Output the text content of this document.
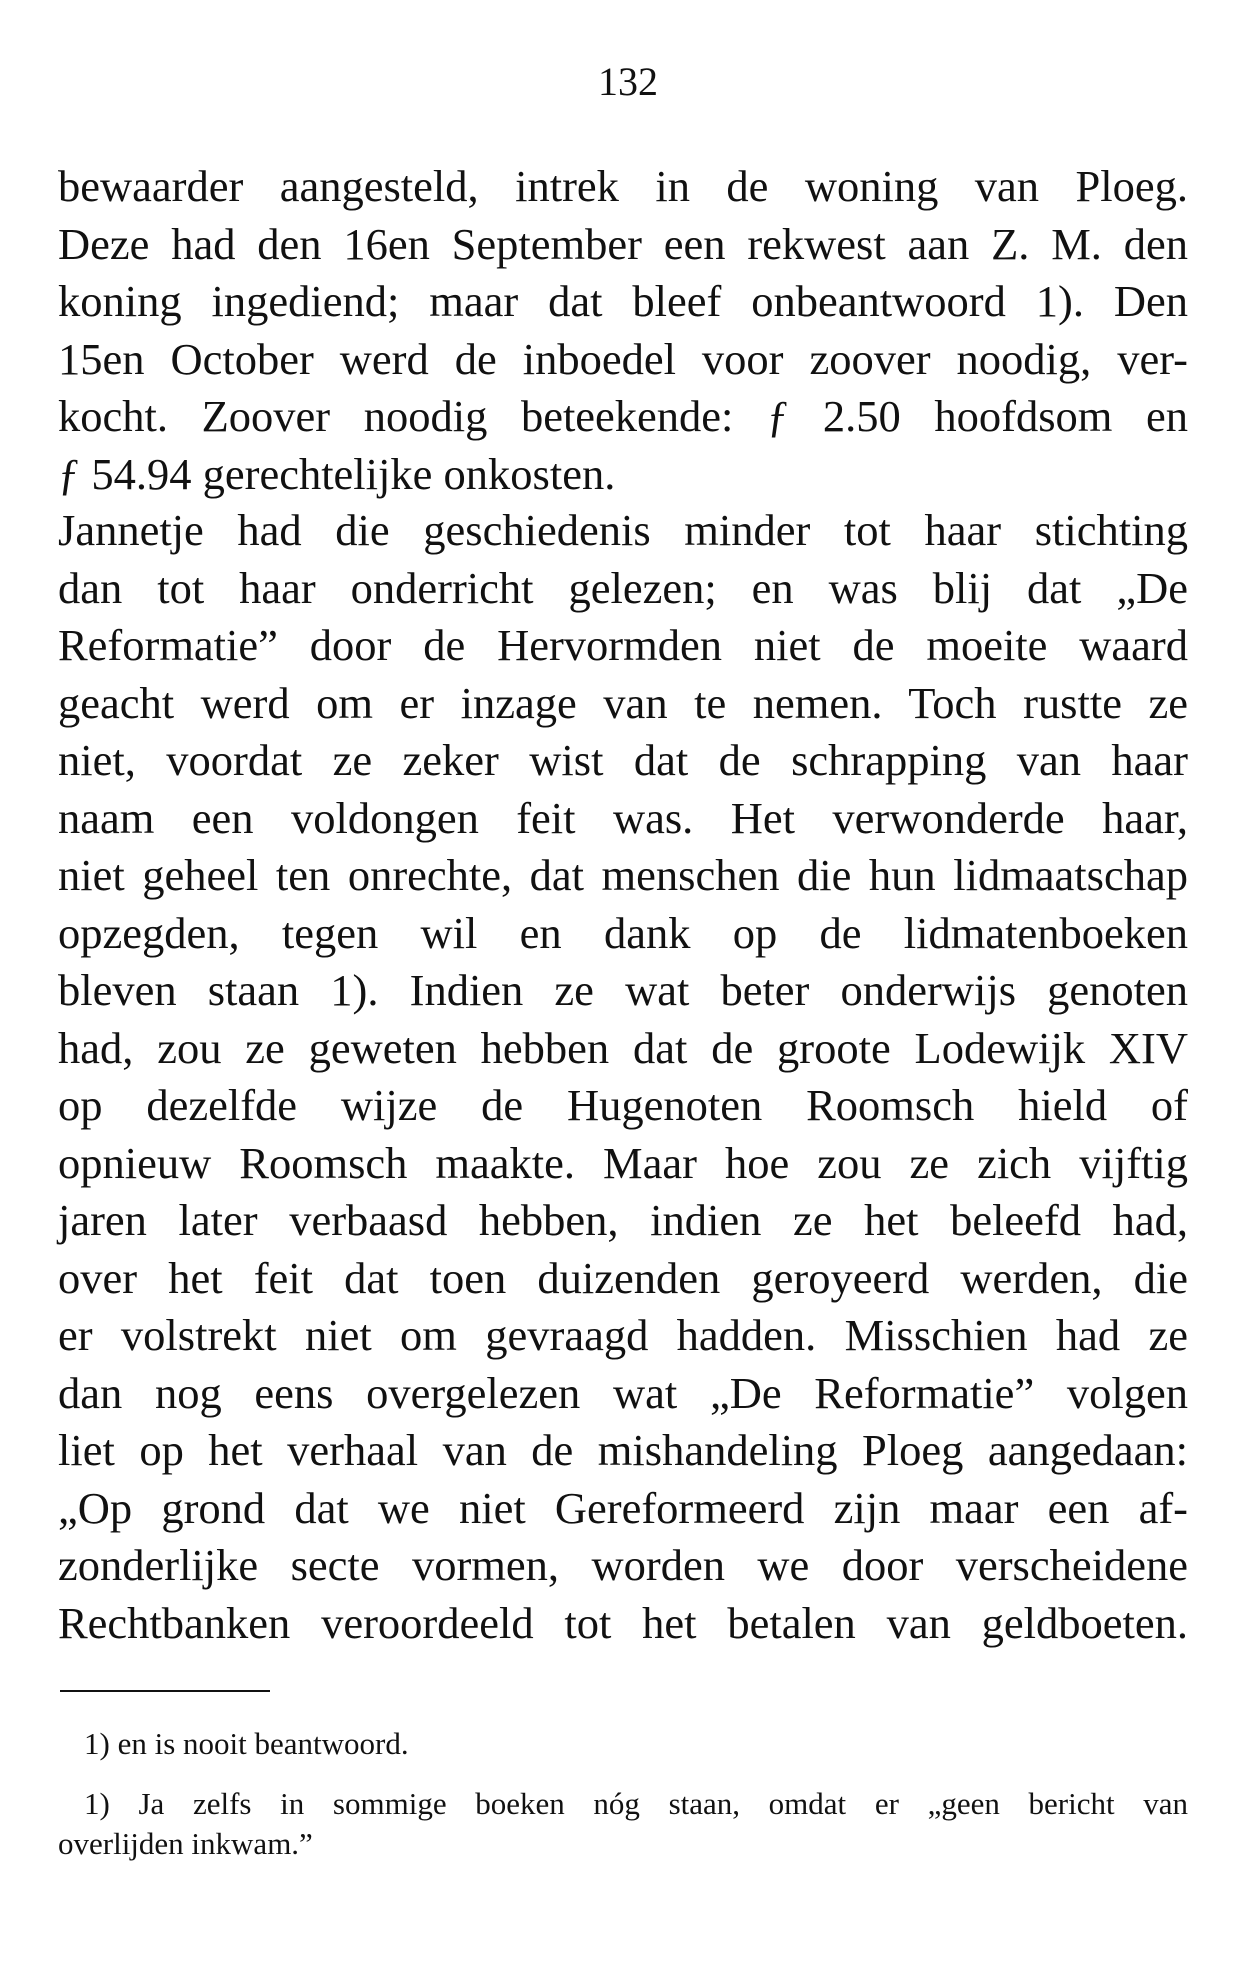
132
bewaarder aangesteld, intrek in de woning van Ploeg.
Deze had den 16en September een rekwest aan Z. M. den
koning ingediend; maar dat bleef onbeantwoord 1). Den
15en October werd de inboedel voor zoover noodig, ver-
kocht. Zoover noodig beteekende: ƒ 2.50 hoofdsom en
ƒ 54.94 gerechtelijke onkosten.
Jannetje had die geschiedenis minder tot haar stichting
dan tot haar onderricht gelezen; en was blij dat „De
Reformatie” door de Hervormden niet de moeite waard
geacht werd om er inzage van te nemen. Toch rustte ze
niet, voordat ze zeker wist dat de schrapping van haar
naam een voldongen feit was. Het verwonderde haar,
niet geheel ten onrechte, dat menschen die hun lidmaatschap
opzegden, tegen wil en dank op de lidmatenboeken
bleven staan 1). Indien ze wat beter onderwijs genoten
had, zou ze geweten hebben dat de groote Lodewijk XIV
op dezelfde wijze de Hugenoten Roomsch hield of
opnieuw Roomsch maakte. Maar hoe zou ze zich vijftig
jaren later verbaasd hebben, indien ze het beleefd had,
over het feit dat toen duizenden geroyeerd werden, die
er volstrekt niet om gevraagd hadden. Misschien had ze
dan nog eens overgelezen wat „De Reformatie” volgen
liet op het verhaal van de mishandeling Ploeg aangedaan:
„Op grond dat we niet Gereformeerd zijn maar een af-
zonderlijke secte vormen, worden we door verscheidene
Rechtbanken veroordeeld tot het betalen van geldboeten.
1) en is nooit beantwoord.
1) Ja zelfs in sommige boeken nóg staan, omdat er „geen bericht van
overlijden inkwam.”
